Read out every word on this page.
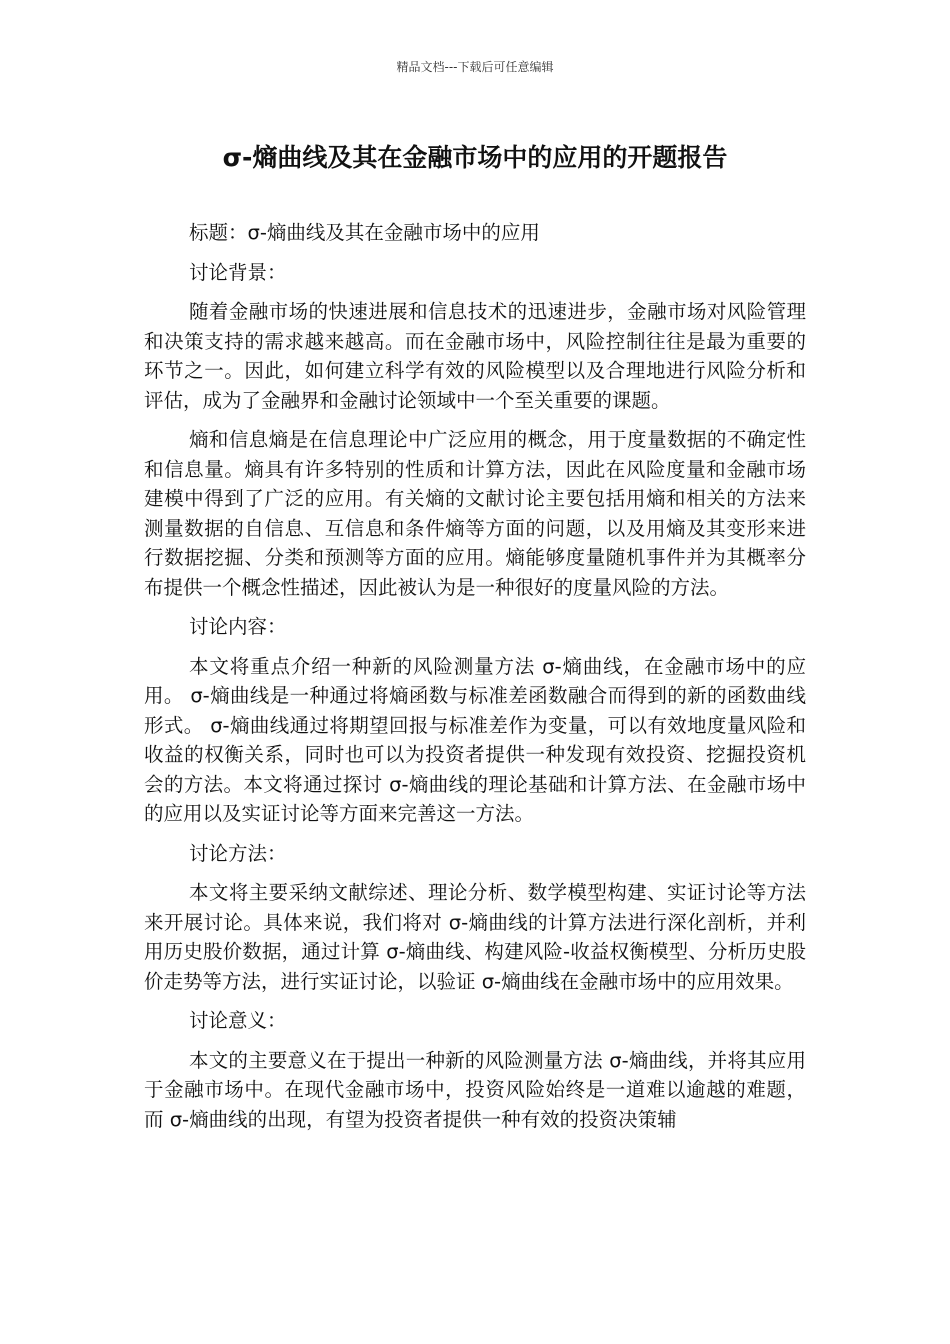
精品文档---下载后可任意编辑
σ-熵曲线及其在金融市场中的应用的开题报告

标题：σ-熵曲线及其在金融市场中的应用

讨论背景：

随着金融市场的快速进展和信息技术的迅速进步，金融市场对风险管理和决策支持的需求越来越高。而在金融市场中，风险控制往往是最为重要的环节之一。因此，如何建立科学有效的风险模型以及合理地进行风险分析和评估，成为了金融界和金融讨论领域中一个至关重要的课题。

熵和信息熵是在信息理论中广泛应用的概念，用于度量数据的不确定性和信息量。熵具有许多特别的性质和计算方法，因此在风险度量和金融市场建模中得到了广泛的应用。有关熵的文献讨论主要包括用熵和相关的方法来测量数据的自信息、互信息和条件熵等方面的问题，以及用熵及其变形来进行数据挖掘、分类和预测等方面的应用。熵能够度量随机事件并为其概率分布提供一个概念性描述，因此被认为是一种很好的度量风险的方法。

讨论内容：

本文将重点介绍一种新的风险测量方法 σ-熵曲线，在金融市场中的应用。 σ-熵曲线是一种通过将熵函数与标准差函数融合而得到的新的函数曲线形式。 σ-熵曲线通过将期望回报与标准差作为变量，可以有效地度量风险和收益的权衡关系，同时也可以为投资者提供一种发现有效投资、挖掘投资机会的方法。本文将通过探讨 σ-熵曲线的理论基础和计算方法、在金融市场中的应用以及实证讨论等方面来完善这一方法。

讨论方法：

本文将主要采纳文献综述、理论分析、数学模型构建、实证讨论等方法来开展讨论。具体来说，我们将对 σ-熵曲线的计算方法进行深化剖析，并利用历史股价数据，通过计算 σ-熵曲线、构建风险-收益权衡模型、分析历史股价走势等方法，进行实证讨论，以验证 σ-熵曲线在金融市场中的应用效果。

讨论意义：

本文的主要意义在于提出一种新的风险测量方法 σ-熵曲线，并将其应用于金融市场中。在现代金融市场中，投资风险始终是一道难以逾越的难题，而 σ-熵曲线的出现，有望为投资者提供一种有效的投资决策辅
